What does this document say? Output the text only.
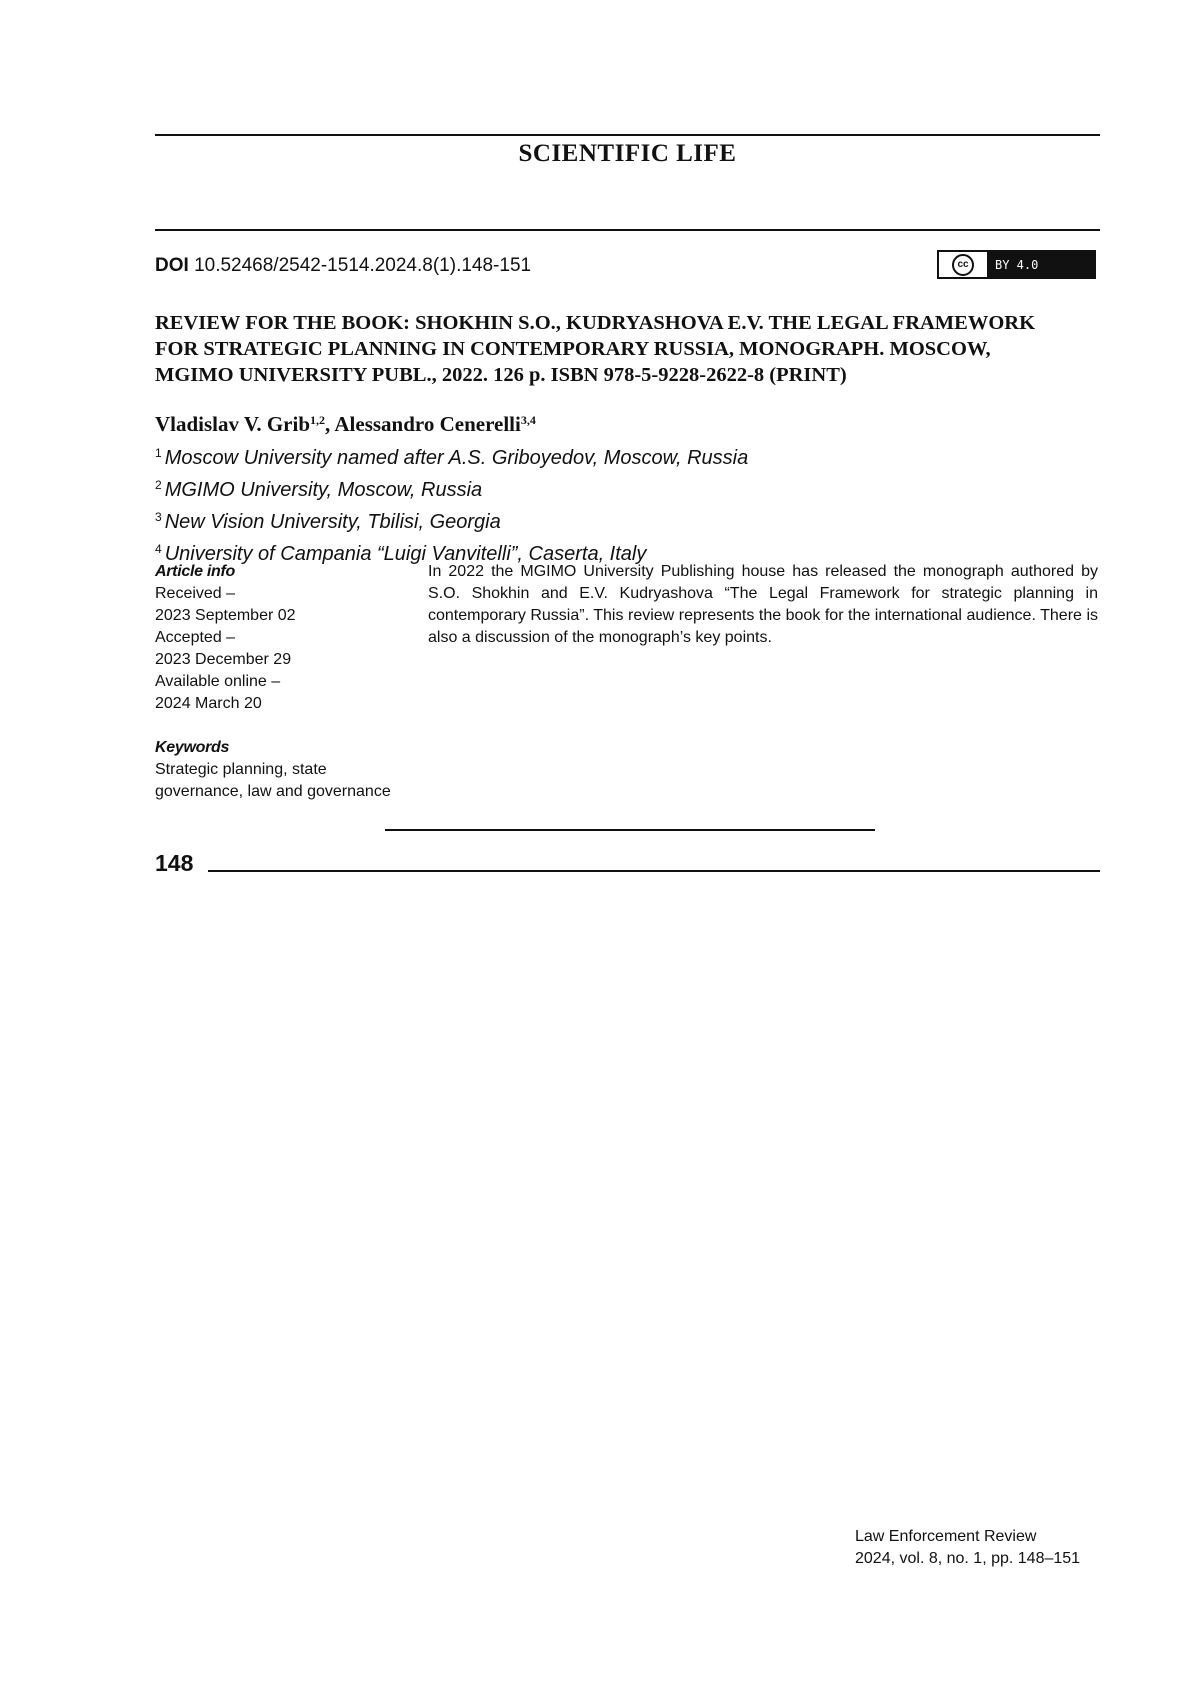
SCIENTIFIC LIFE
DOI 10.52468/2542-1514.2024.8(1).148-151	cc	BY 4.0
REVIEW FOR THE BOOK: SHOKHIN S.O., KUDRYASHOVA E.V. THE LEGAL FRAMEWORK
FOR STRATEGIC PLANNING IN CONTEMPORARY RUSSIA, MONOGRAPH. MOSCOW,
MGIMO UNIVERSITY PUBL., 2022. 126 p. ISBN 978-5-9228-2622-8 (PRINT)
Vladislav V. Grib$^{1,2}$, Alessandro Cenerelli$^{3,4}$
$^1$ Moscow University named after A.S. Griboyedov, Moscow, Russia
$^2$ MGIMO University, Moscow, Russia
$^3$ New Vision University, Tbilisi, Georgia
$^4$ University of Campania “Luigi Vanvitelli”, Caserta, Italy
Article info
Received –
2023 September 02
Accepted –
2023 December 29
Available online –
2024 March 20
Keywords
Strategic planning, state
governance, law and governance
In 2022 the MGIMO University Publishing house has released the monograph authored by S.O. Shokhin and E.V. Kudryashova “The Legal Framework for strategic planning in contemporary Russia”. This review represents the book for the international audience. There is also a discussion of the monograph’s key points.
148
Law Enforcement Review
2024, vol. 8, no. 1, pp. 148–151
